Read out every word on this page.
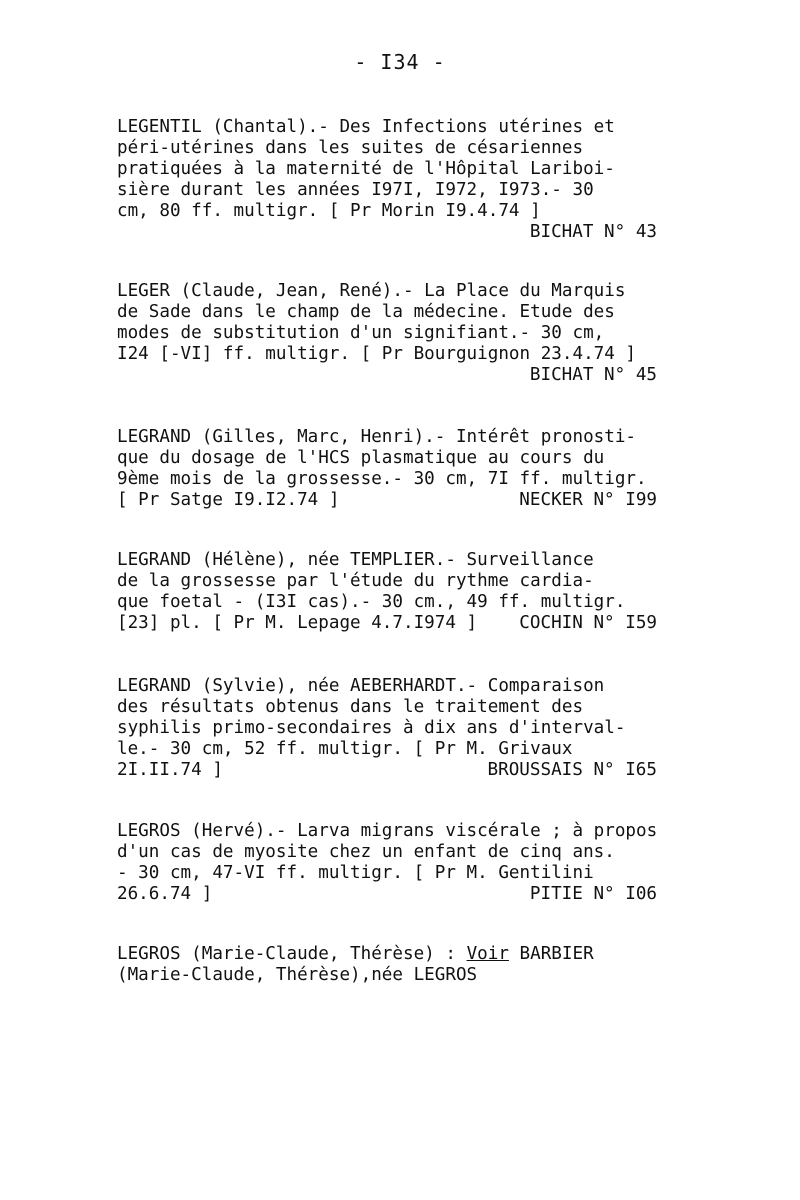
- I34 -
LEGENTIL (Chantal).- Des Infections utérines et
péri-utérines dans les suites de césariennes
pratiquées à la maternité de l'Hôpital Lariboi-
sière durant les années I97I, I972, I973.- 30
cm, 80 ff. multigr. [ Pr Morin I9.4.74 ]
BICHAT N° 43
LEGER (Claude, Jean, René).- La Place du Marquis
de Sade dans le champ de la médecine. Etude des
modes de substitution d'un signifiant.- 30 cm,
I24 [-VI] ff. multigr. [ Pr Bourguignon 23.4.74 ]
BICHAT N° 45
LEGRAND (Gilles, Marc, Henri).- Intérêt pronosti-
que du dosage de l'HCS plasmatique au cours du
9ème mois de la grossesse.- 30 cm, 7I ff. multigr.
[ Pr Satge I9.I2.74 ]	NECKER N° I99
LEGRAND (Hélène), née TEMPLIER.- Surveillance
de la grossesse par l'étude du rythme cardia-
que foetal - (I3I cas).- 30 cm., 49 ff. multigr.
[23] pl. [ Pr M. Lepage 4.7.I974 ] COCHIN N° I59
LEGRAND (Sylvie), née AEBERHARDT.- Comparaison
des résultats obtenus dans le traitement des
syphilis primo-secondaires à dix ans d'interval-
le.- 30 cm, 52 ff. multigr. [ Pr M. Grivaux
2I.II.74 ]	BROUSSAIS N° I65
LEGROS (Hervé).- Larva migrans viscérale ; à propos
d'un cas de myosite chez un enfant de cinq ans.
- 30 cm, 47-VI ff. multigr. [ Pr M. Gentilini
26.6.74 ]	PITIE N° I06
LEGROS (Marie-Claude, Thérèse) : Voir BARBIER
(Marie-Claude, Thérèse),née LEGROS
